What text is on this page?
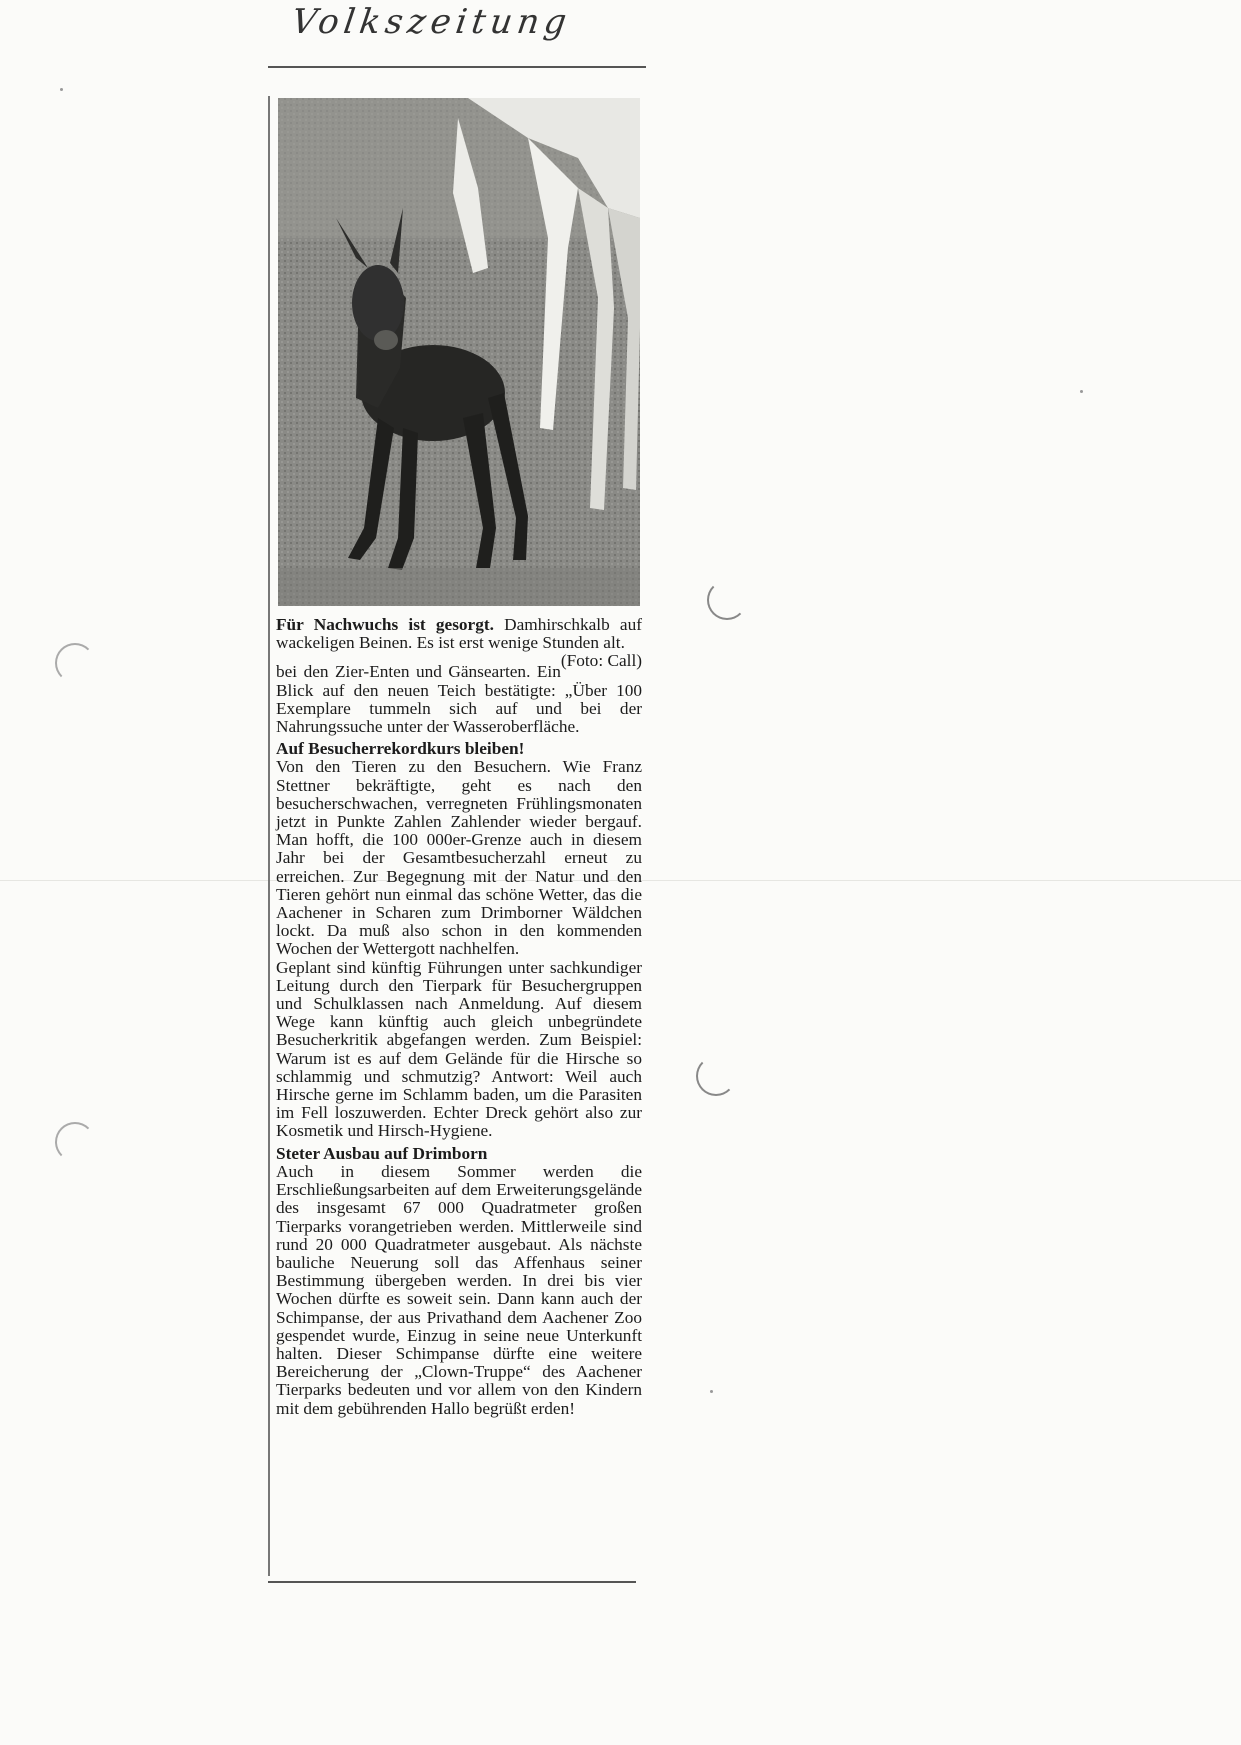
Volkszeitung

Für Nachwuchs ist gesorgt. Damhirschkalb auf wackeligen Beinen. Es ist erst wenige Stunden alt.
(Foto: Call)

bei den Zier-Enten und Gänsearten. Ein Blick auf den neuen Teich bestätigte: „Über 100 Exemplare tummeln sich auf und bei der Nahrungssuche unter der Wasseroberfläche.

Auf Besucherrekordkurs bleiben!

Von den Tieren zu den Besuchern. Wie Franz Stettner bekräftigte, geht es nach den besucherschwachen, verregneten Frühlingsmonaten jetzt in Punkte Zahlen Zahlender wieder bergauf. Man hofft, die 100 000er-Grenze auch in diesem Jahr bei der Gesamtbesucherzahl erneut zu erreichen. Zur Begegnung mit der Natur und den Tieren gehört nun einmal das schöne Wetter, das die Aachener in Scharen zum Drimborner Wäldchen lockt. Da muß also schon in den kommenden Wochen der Wettergott nachhelfen.

Geplant sind künftig Führungen unter sachkundiger Leitung durch den Tierpark für Besuchergruppen und Schulklassen nach Anmeldung. Auf diesem Wege kann künftig auch gleich unbegründete Besucherkritik abgefangen werden. Zum Beispiel: Warum ist es auf dem Gelände für die Hirsche so schlammig und schmutzig? Antwort: Weil auch Hirsche gerne im Schlamm baden, um die Parasiten im Fell loszuwerden. Echter Dreck gehört also zur Kosmetik und Hirsch-Hygiene.

Steter Ausbau auf Drimborn

Auch in diesem Sommer werden die Erschließungsarbeiten auf dem Erweiterungsgelände des insgesamt 67 000 Quadratmeter großen Tierparks vorangetrieben werden. Mittlerweile sind rund 20 000 Quadratmeter ausgebaut. Als nächste bauliche Neuerung soll das Affenhaus seiner Bestimmung übergeben werden. In drei bis vier Wochen dürfte es soweit sein. Dann kann auch der Schimpanse, der aus Privathand dem Aachener Zoo gespendet wurde, Einzug in seine neue Unterkunft halten. Dieser Schimpanse dürfte eine weitere Bereicherung der „Clown-Truppe“ des Aachener Tierparks bedeuten und vor allem von den Kindern mit dem gebührenden Hallo begrüßt erden!
